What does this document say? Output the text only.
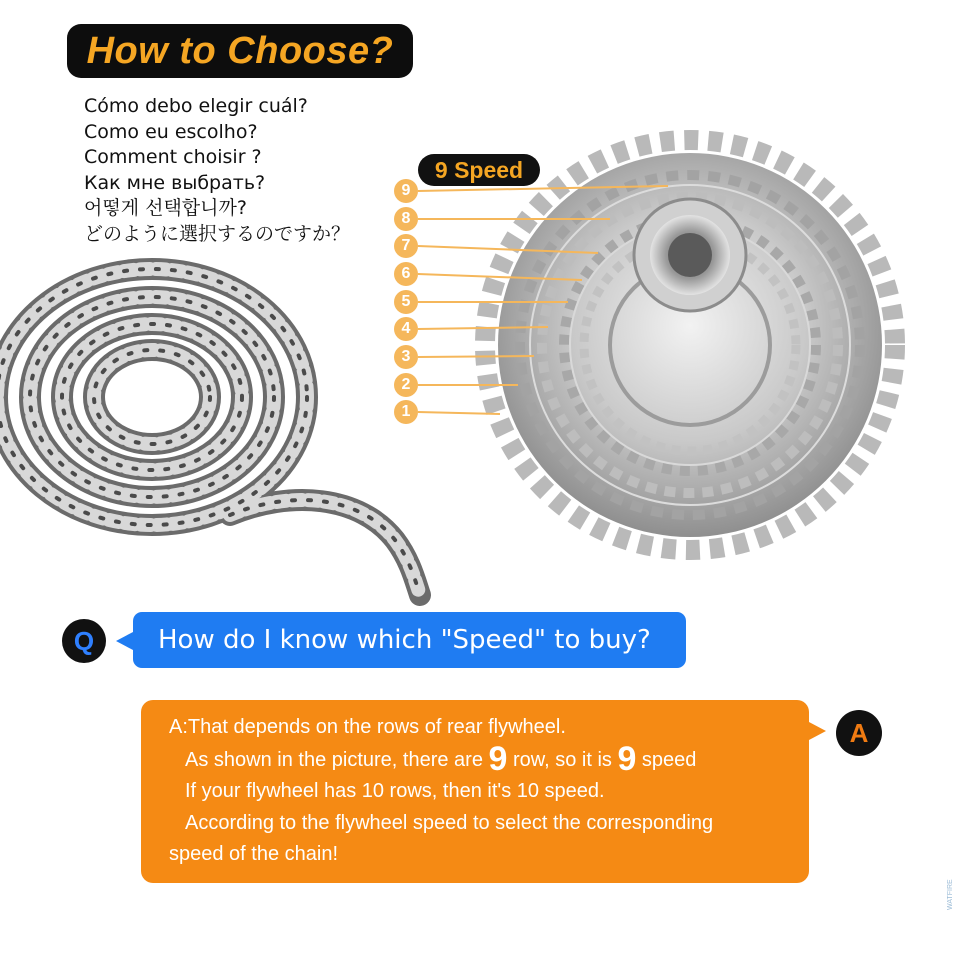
How to Choose?
Cómo debo elegir cuál?
Como eu escolho?
Comment choisir ?
Как мне выбрать?
어떻게 선택합니까?
どのように選択するのですか？
9 Speed
9
8
7
6
5
4
3
2
1
Q	How do I know which "Speed" to buy?
A:That depends on the rows of rear flywheel.
As shown in the picture, there are 9 row, so it is 9 speed
If your flywheel has 10 rows, then it's 10 speed.
According to the flywheel speed to select the corresponding
speed of the chain!
A
WATFIRE
